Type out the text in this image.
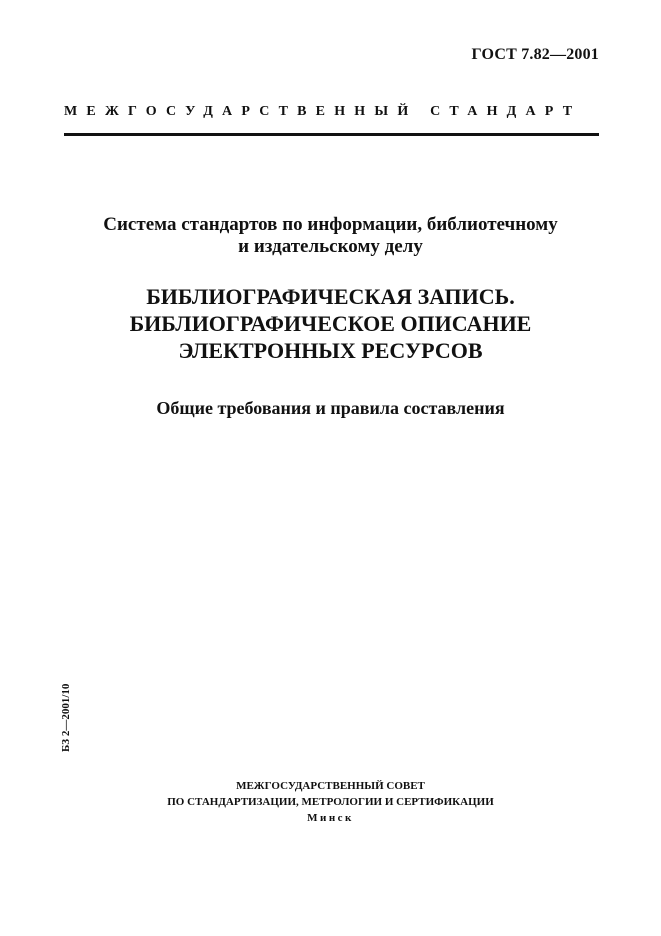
ГОСТ 7.82—2001
МЕЖГОСУДАРСТВЕННЫЙ СТАНДАРТ
Система стандартов по информации, библиотечному
и издательскому делу
БИБЛИОГРАФИЧЕСКАЯ ЗАПИСЬ.
БИБЛИОГРАФИЧЕСКОЕ ОПИСАНИЕ
ЭЛЕКТРОННЫХ РЕСУРСОВ
Общие требования и правила составления
БЗ 2—2001/10
МЕЖГОСУДАРСТВЕННЫЙ СОВЕТ
ПО СТАНДАРТИЗАЦИИ, МЕТРОЛОГИИ И СЕРТИФИКАЦИИ
Минск
